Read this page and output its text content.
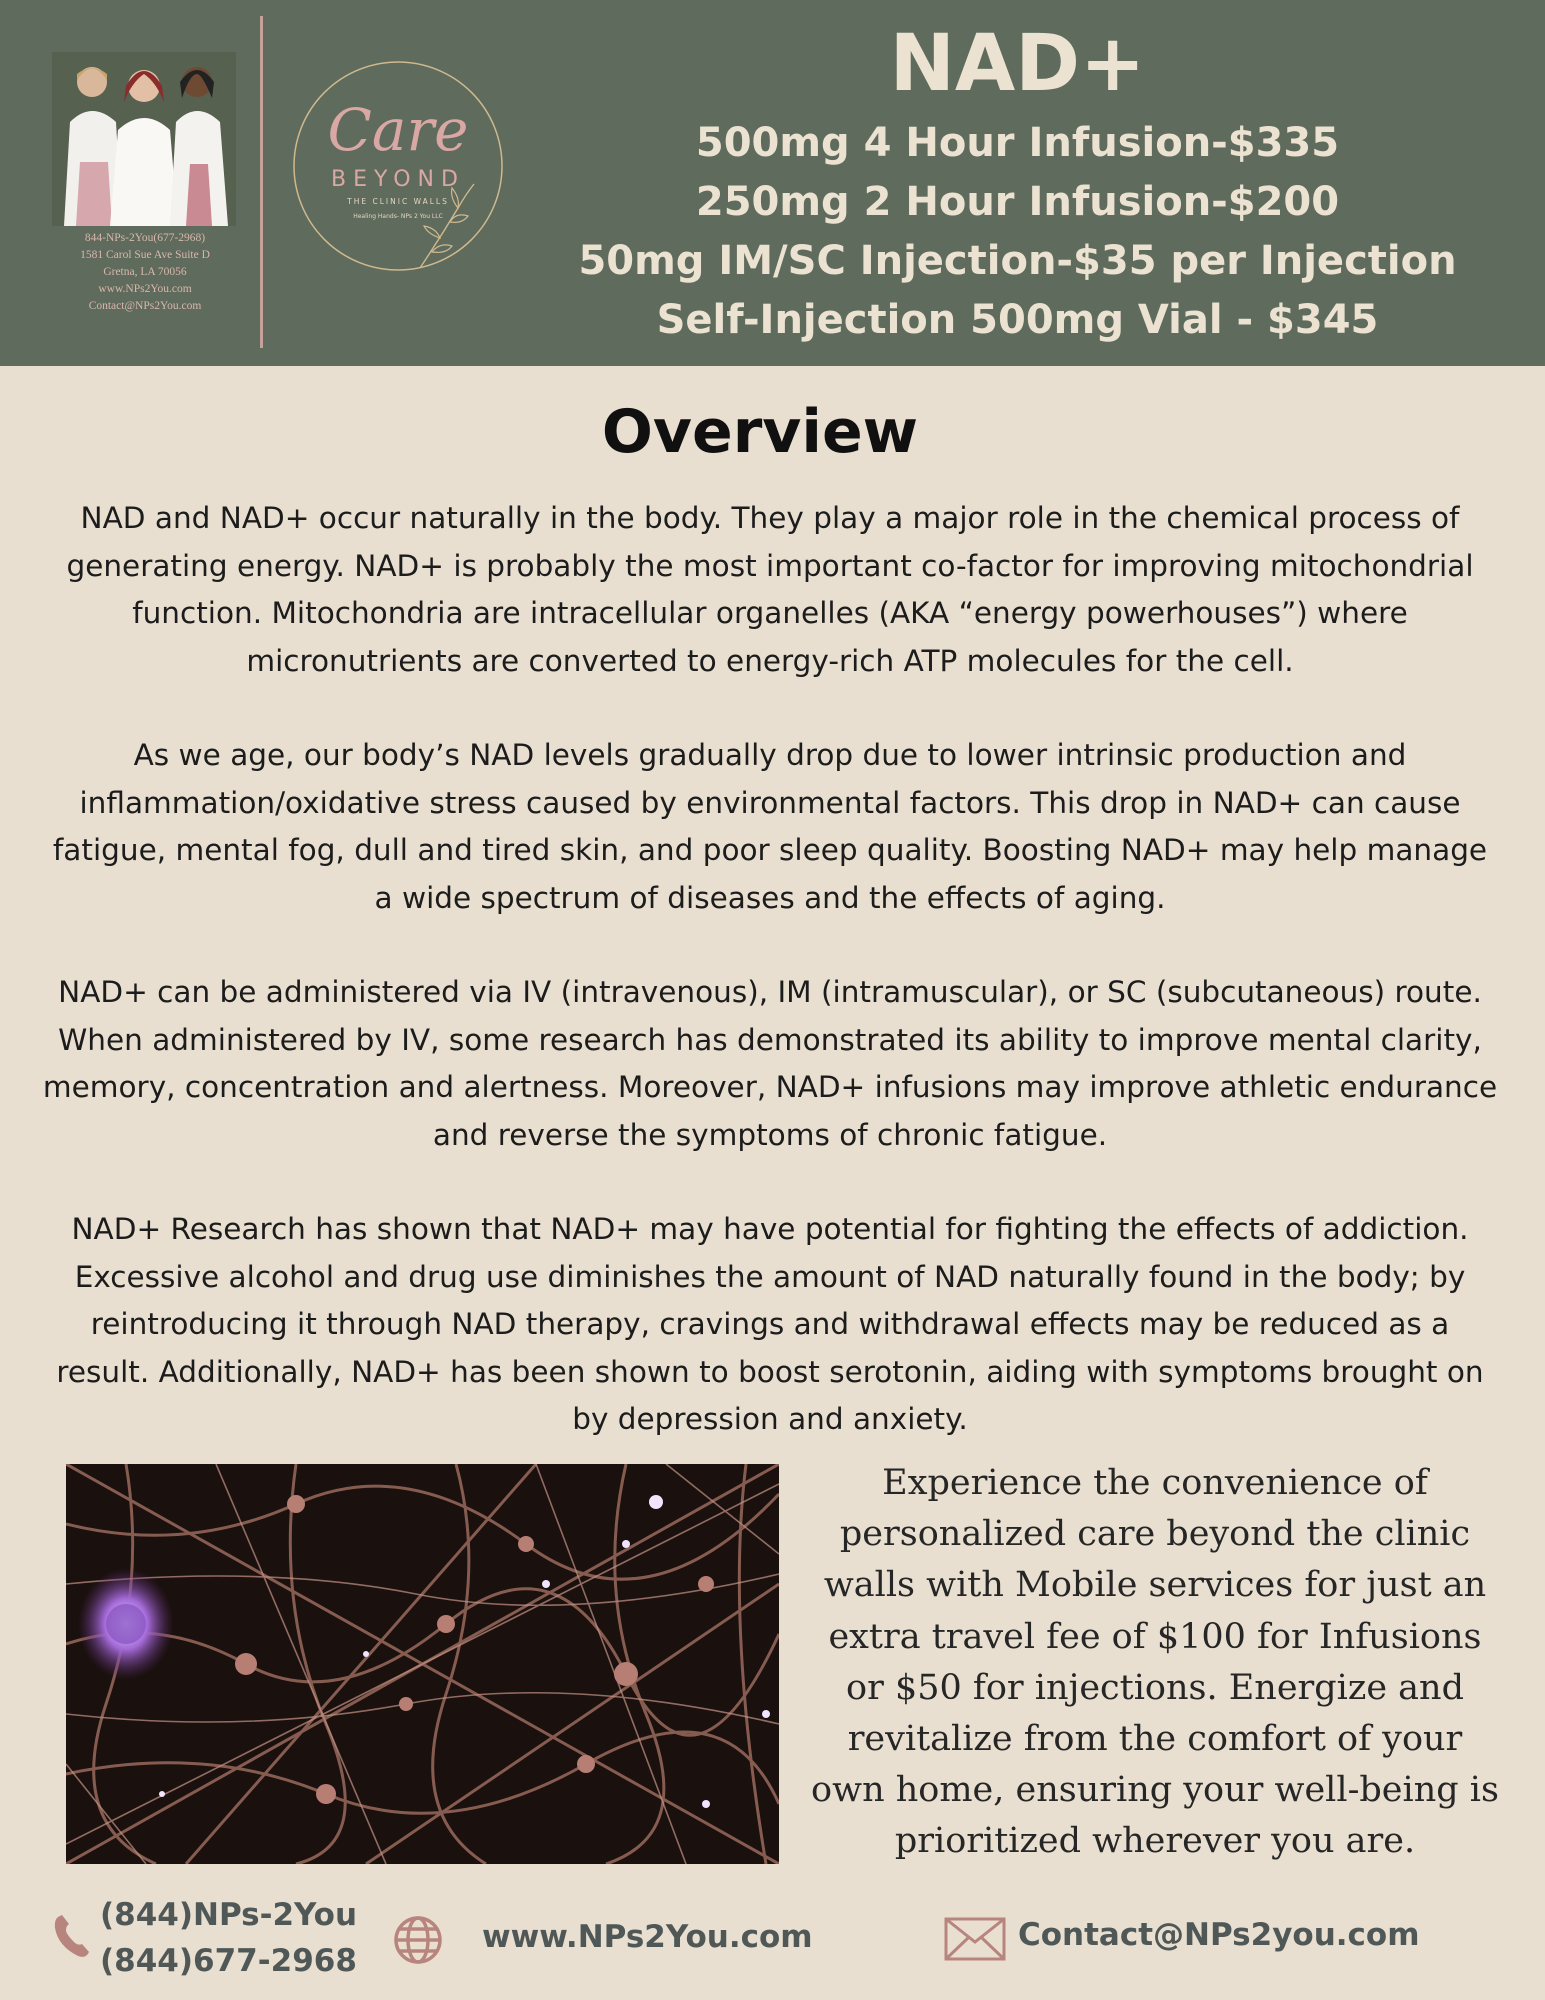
844-NPs-2You(677-2968)
1581 Carol Sue Ave Suite D
Gretna, LA 70056
www.NPs2You.com
Contact@NPs2You.com
Care
BEYOND
THE CLINIC WALLS
Healing Hands- NPs 2 You LLC
NAD+
500mg 4 Hour Infusion-$335
250mg 2 Hour Infusion-$200
50mg IM/SC Injection-$35 per Injection
Self-Injection 500mg Vial - $345
Overview

NAD and NAD+ occur naturally in the body. They play a major role in the chemical process of generating energy. NAD+ is probably the most important co-factor for improving mitochondrial function. Mitochondria are intracellular organelles (AKA “energy powerhouses”) where micronutrients are converted to energy-rich ATP molecules for the cell.

As we age, our body’s NAD levels gradually drop due to lower intrinsic production and inflammation/oxidative stress caused by environmental factors. This drop in NAD+ can cause fatigue, mental fog, dull and tired skin, and poor sleep quality. Boosting NAD+ may help manage a wide spectrum of diseases and the effects of aging.

NAD+ can be administered via IV (intravenous), IM (intramuscular), or SC (subcutaneous) route. When administered by IV, some research has demonstrated its ability to improve mental clarity, memory, concentration and alertness. Moreover, NAD+ infusions may improve athletic endurance and reverse the symptoms of chronic fatigue.

NAD+ Research has shown that NAD+ may have potential for fighting the effects of addiction. Excessive alcohol and drug use diminishes the amount of NAD naturally found in the body; by reintroducing it through NAD therapy, cravings and withdrawal effects may be reduced as a result. Additionally, NAD+ has been shown to boost serotonin, aiding with symptoms brought on by depression and anxiety.

Experience the convenience of personalized care beyond the clinic walls with Mobile services for just an extra travel fee of $100 for Infusions or $50 for injections. Energize and revitalize from the comfort of your own home, ensuring your well-being is prioritized wherever you are.
(844)NPs-2You
(844)677-2968
www.NPs2You.com	Contact@NPs2you.com
